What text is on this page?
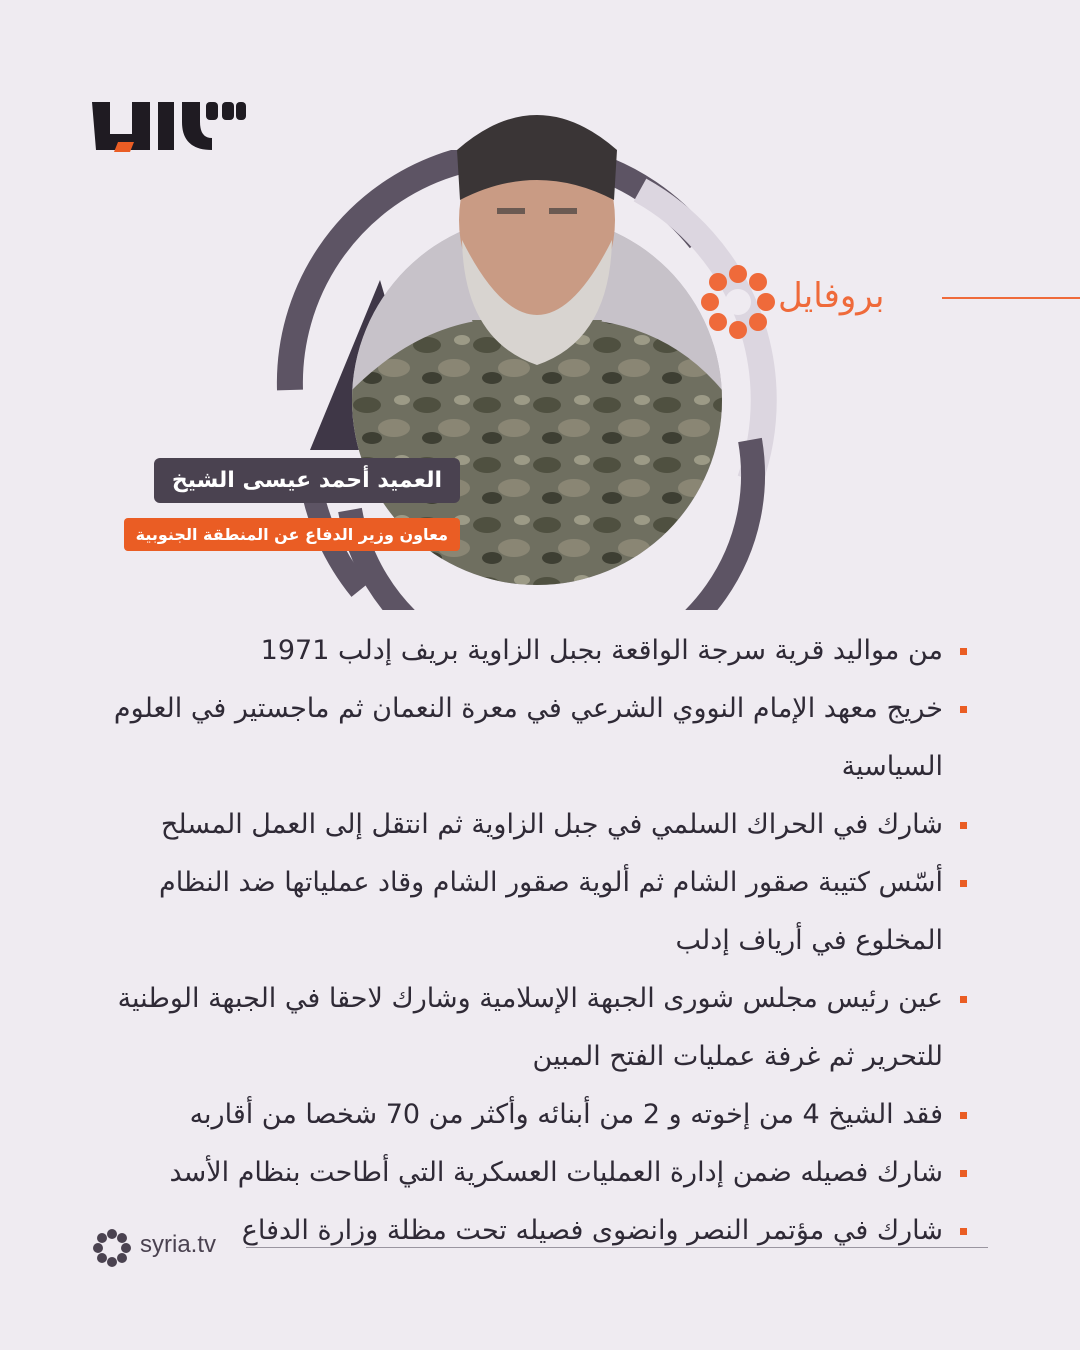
بروفايل
العميد أحمد عيسى الشيخ
معاون وزير الدفاع عن المنطقة الجنوبية
من مواليد قرية سرجة الواقعة بجبل الزاوية بريف إدلب 1971
خريج معهد الإمام النووي الشرعي في معرة النعمان ثم ماجستير في العلوم السياسية
شارك في الحراك السلمي في جبل الزاوية ثم انتقل إلى العمل المسلح
أسّس كتيبة صقور الشام ثم ألوية صقور الشام وقاد عملياتها ضد النظام المخلوع في أرياف إدلب
عين رئيس مجلس شورى الجبهة الإسلامية وشارك لاحقا في الجبهة الوطنية للتحرير ثم غرفة عمليات الفتح المبين
فقد الشيخ 4 من إخوته و 2 من أبنائه وأكثر من 70 شخصا من أقاربه
شارك فصيله ضمن إدارة العمليات العسكرية التي أطاحت بنظام الأسد
شارك في مؤتمر النصر وانضوى فصيله تحت مظلة وزارة الدفاع
syria.tv
